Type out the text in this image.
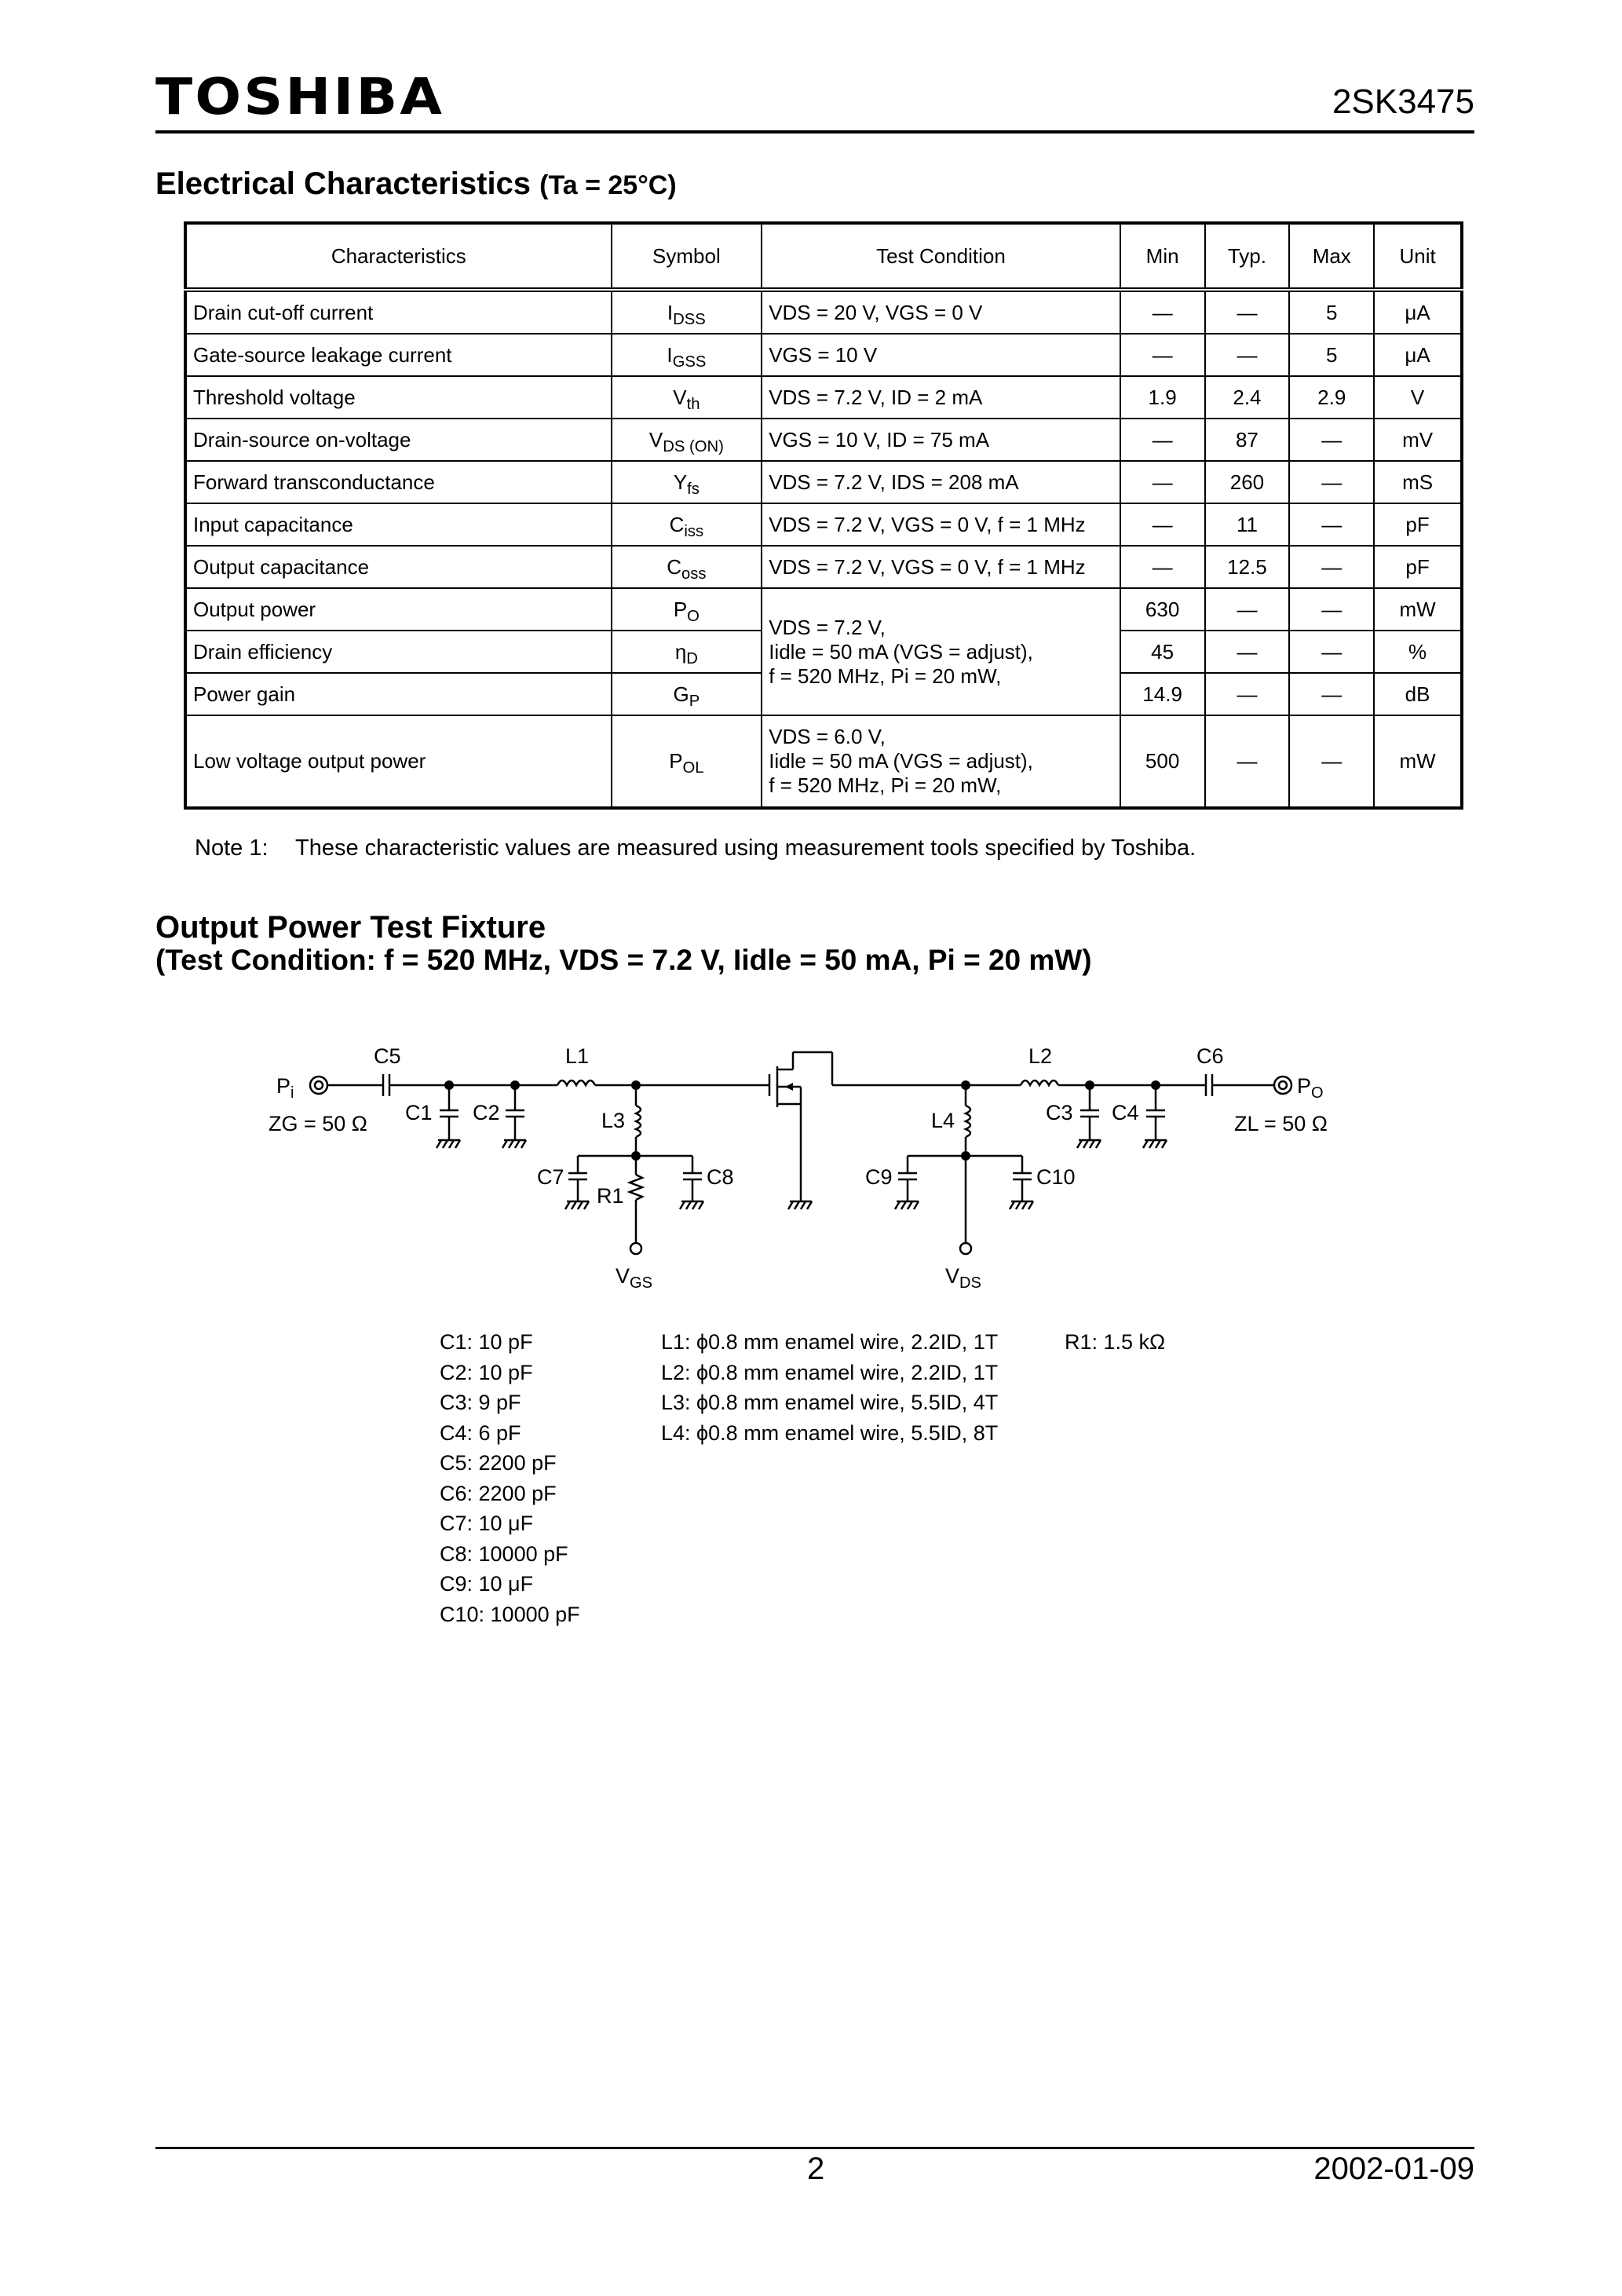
TOSHIBA	2SK3475
Electrical Characteristics (Ta = 25°C)
Characteristics	Symbol	Test Condition	Min	Typ.	Max	Unit
Drain cut-off current	$I_{DSS}$	VDS = 20 V, VGS = 0 V	—	—	5	μA
Gate-source leakage current	$I_{GSS}$	VGS = 10 V	—	—	5	μA
Threshold voltage	$V_{th}$	VDS = 7.2 V, ID = 2 mA	1.9	2.4	2.9	V
Drain-source on-voltage	$V_{DS (ON)}$	VGS = 10 V, ID = 75 mA	—	87	—	mV
Forward transconductance	$Y_{fs}$	VDS = 7.2 V, IDS = 208 mA	—	260	—	mS
Input capacitance	$C_{iss}$	VDS = 7.2 V, VGS = 0 V, f = 1 MHz	—	11	—	pF
Output capacitance	$C_{oss}$	VDS = 7.2 V, VGS = 0 V, f = 1 MHz	—	12.5	—	pF
Output power	$P_O$	VDS = 7.2 V,
Iidle = 50 mA (VGS = adjust),
f = 520 MHz, Pi = 20 mW,	630	—	—	mW
Drain efficiency	$\eta_D$		45	—	—	%
Power gain	$G_P$		14.9	—	—	dB
Low voltage output power	$P_{OL}$	VDS = 6.0 V,
Iidle = 50 mA (VGS = adjust),
f = 520 MHz, Pi = 20 mW,	500	—	—	mW
Note 1: These characteristic values are measured using measurement tools specified by Toshiba.
Output Power Test Fixture
(Test Condition: f = 520 MHz, VDS = 7.2 V, Iidle = 50 mA, Pi = 20 mW)
$P_i$	$P_O$
ZG = 50 Ω	ZL = 50 Ω
C5	C6
C1 C2	C3 C4
C7	C8	C9	C10
L1	L2
L3	L4
R1
$V_{GS}$	$V_{DS}$
C1: 10 pF
C2: 10 pF
C3: 9 pF
C4: 6 pF
C5: 2200 pF
C6: 2200 pF
C7: 10 μF
C8: 10000 pF
C9: 10 μF
C10: 10000 pF
L1: ϕ0.8 mm enamel wire, 2.2ID, 1T
L2: ϕ0.8 mm enamel wire, 2.2ID, 1T
L3: ϕ0.8 mm enamel wire, 5.5ID, 4T
L4: ϕ0.8 mm enamel wire, 5.5ID, 8T
R1: 1.5 kΩ
2	2002-01-09
